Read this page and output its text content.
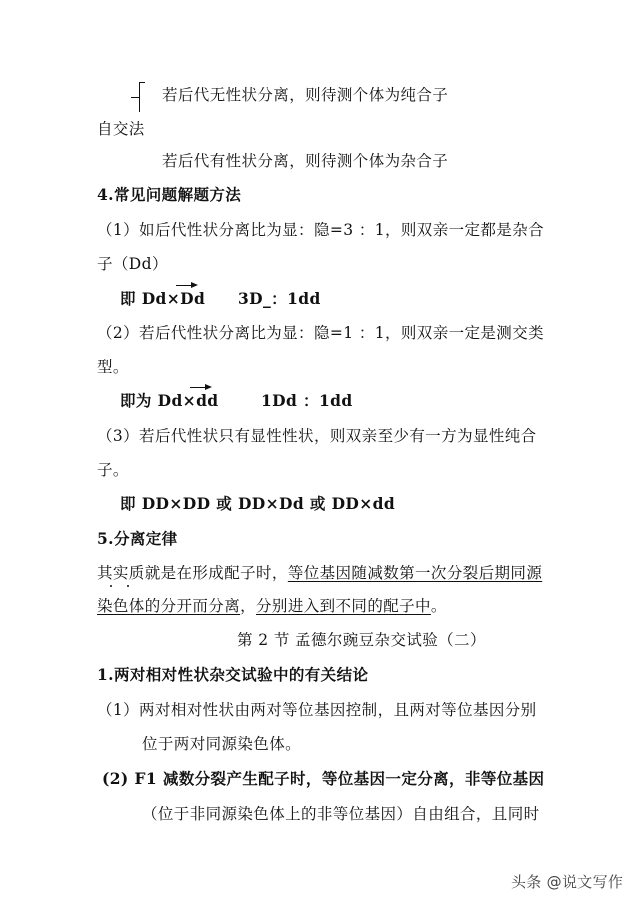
若后代无性状分离，则待测个体为纯合子
自交法
若后代有性状分离，则待测个体为杂合子
4.常见问题解题方法
（1）如后代性状分离比为显：隐=3 ：1，则双亲一定都是杂合
子（Dd）
即 Dd×Dd 3D_：1dd
（2）若后代性状分离比为显：隐=1 ：1，则双亲一定是测交类
型。
即为 Dd×dd	1Dd ：1dd
（3）若后代性状只有显性性状，则双亲至少有一方为显性纯合
子。
即 DD×DD 或 DD×Dd 或 DD×dd
5.分离定律
其实质就是在形成配子时，等位基因随减数第一次分裂后期同源
染色体的分开而分离，分别进入到不同的配子中。
第 2 节 孟德尔豌豆杂交试验（二）
1.两对相对性状杂交试验中的有关结论
（1）两对相对性状由两对等位基因控制，且两对等位基因分别
位于两对同源染色体。
(2) F1 减数分裂产生配子时，等位基因一定分离，非等位基因
（位于非同源染色体上的非等位基因）自由组合，且同时
头条 @说文写作
